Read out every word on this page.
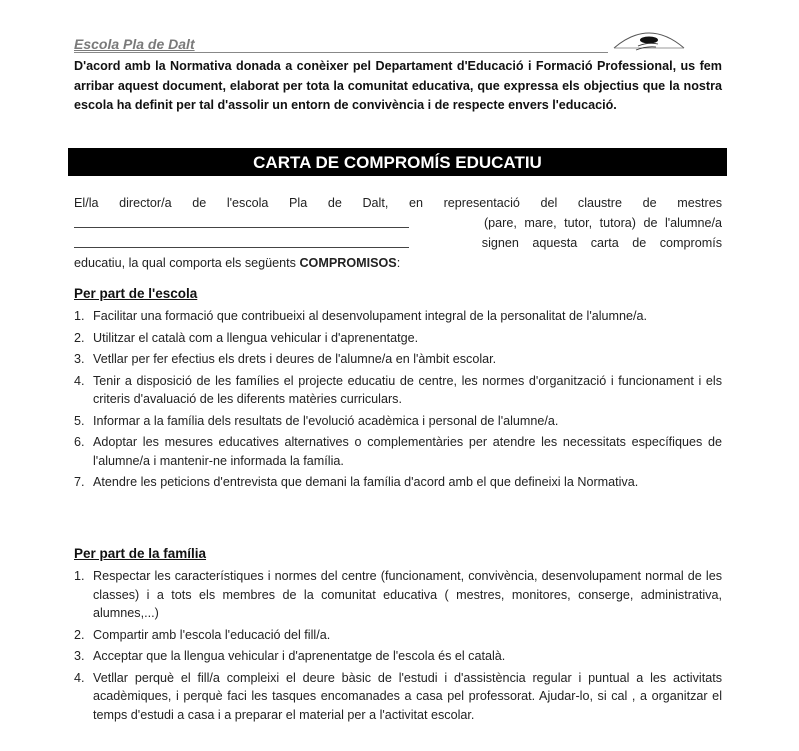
Escola Pla de Dalt
D'acord amb la Normativa donada a conèixer pel Departament d'Educació i Formació Professional, us fem arribar aquest document, elaborat per tota la comunitat educativa, que expressa els objectius que la nostra escola ha definit per tal d'assolir un entorn de convivència i de respecte envers l'educació.
CARTA DE COMPROMÍS EDUCATIU
El/la director/a de l'escola Pla de Dalt, en representació del claustre de mestres
(pare, mare, tutor, tutora) de l'alumne/a
signen aquesta carta de compromís
educatiu, la qual comporta els següents COMPROMISOS:
Per part de l'escola
1. Facilitar una formació que contribueixi al desenvolupament integral de la personalitat de l'alumne/a.
2. Utilitzar el català com a llengua vehicular i d'aprenentatge.
3. Vetllar per fer efectius els drets i deures de l'alumne/a en l'àmbit escolar.
4. Tenir a disposició de les famílies el projecte educatiu de centre, les normes d'organització i funcionament i els criteris d'avaluació de les diferents matèries curriculars.
5. Informar a la família dels resultats de l'evolució acadèmica i personal de l'alumne/a.
6. Adoptar les mesures educatives alternatives o complementàries per atendre les necessitats específiques de l'alumne/a i mantenir-ne informada la família.
7. Atendre les peticions d'entrevista que demani la família d'acord amb el que defineixi la Normativa.
Per part de la família
1. Respectar les característiques i normes del centre (funcionament, convivència, desenvolupament normal de les classes) i a tots els membres de la comunitat educativa ( mestres, monitores, conserge, administrativa, alumnes,...)
2. Compartir amb l'escola l'educació del fill/a.
3. Acceptar que la llengua vehicular i d'aprenentatge de l'escola és el català.
4. Vetllar perquè el fill/a compleixi el deure bàsic de l'estudi i d'assistència regular i puntual a les activitats acadèmiques, i perquè faci les tasques encomanades a casa pel professorat. Ajudar-lo, si cal , a organitzar el temps d'estudi a casa i a preparar el material per a l'activitat escolar.
